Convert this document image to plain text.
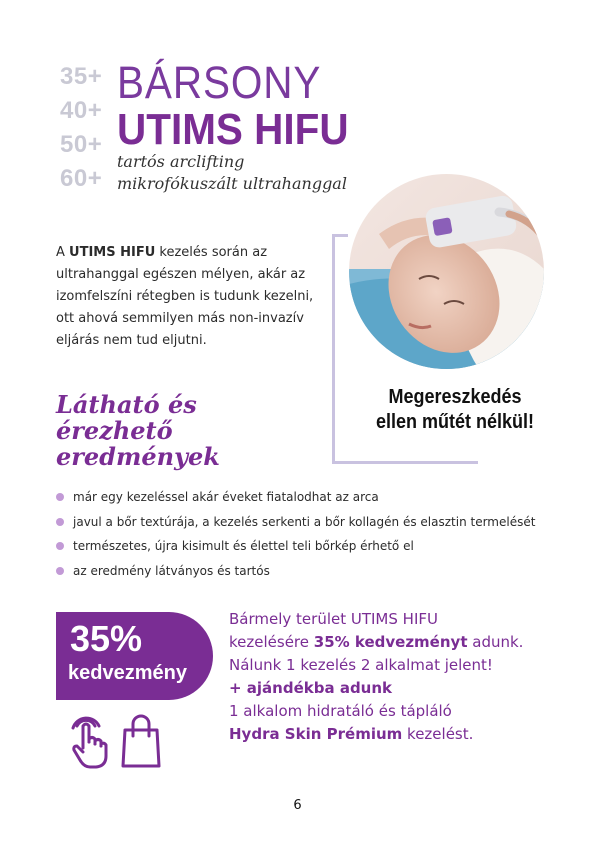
35+
40+
50+
60+
BÁRSONY
UTIMS HIFU
tartós arclifting mikrofókuszált ultrahanggal
A UTIMS HIFU kezelés során az ultrahanggal egészen mélyen, akár az izomfelszíni rétegben is tudunk kezelni, ott ahová semmilyen más non-invazív eljárás nem tud eljutni.
Megereszkedés
ellen műtét nélkül!
Látható és
érezhető
eredmények
már egy kezeléssel akár éveket fiatalodhat az arca
javul a bőr textúrája, a kezelés serkenti a bőr kollagén és elasztin termelését
természetes, újra kisimult és élettel teli bőrkép érhető el
az eredmény látványos és tartós
35%
kedvezmény
Bármely terület UTIMS HIFU
kezelésére 35% kedvezményt adunk.
Nálunk 1 kezelés 2 alkalmat jelent!
+ ajándékba adunk
1 alkalom hidratáló és tápláló
Hydra Skin Prémium kezelést.
6
